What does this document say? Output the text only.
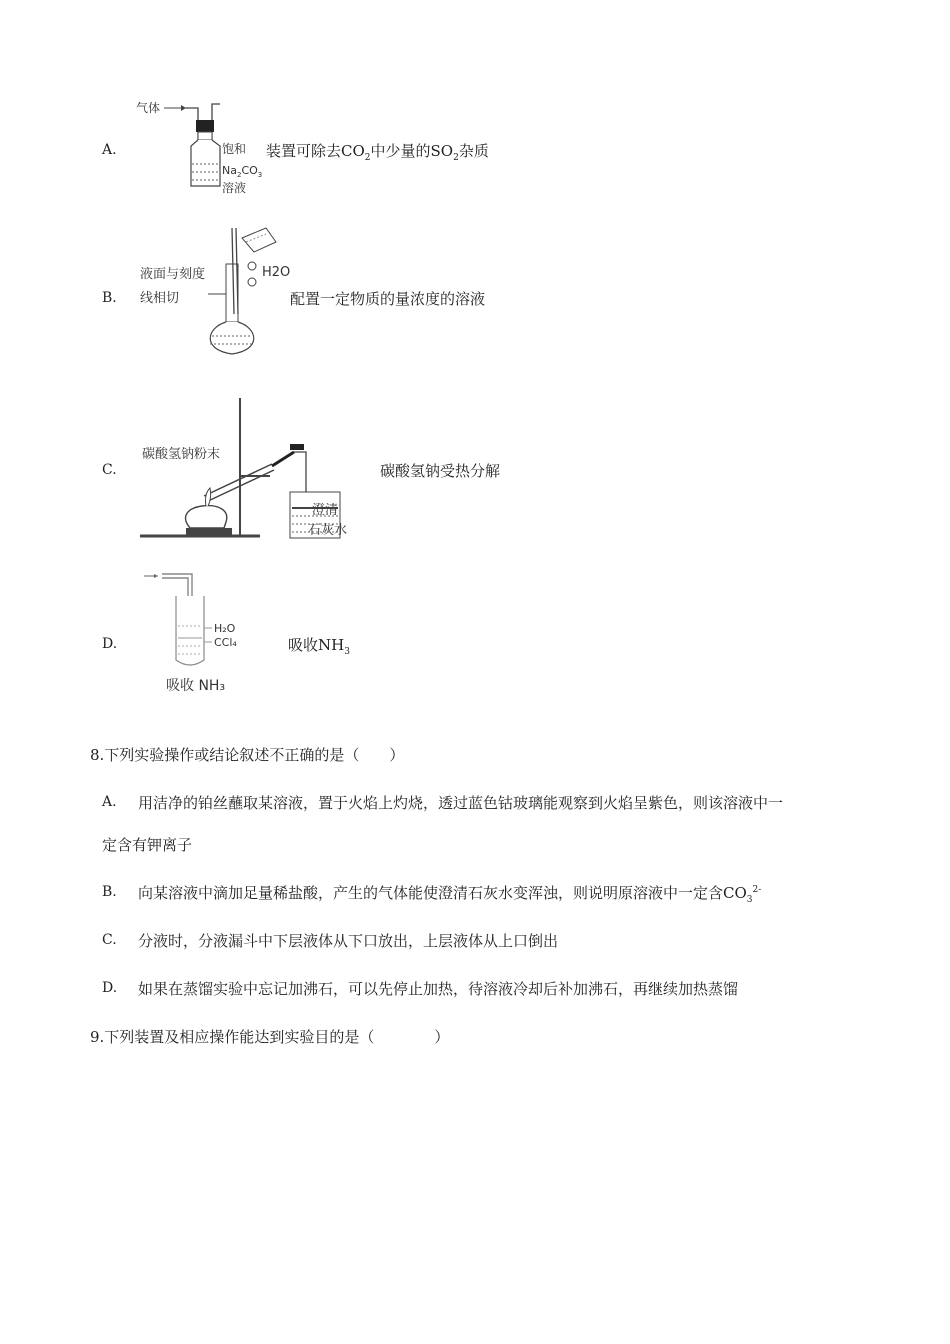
A.
气体
饱和
$Na_2CO_3$
溶液
装置可除去$CO_2$中少量的$SO_2$杂质
B.
液面与刻度
线相切
H2O
配置一定物质的量浓度的溶液
C.
碳酸氢钠粉末
澄清
石灰水
碳酸氢钠受热分解
D.
H₂O
CCl₄
吸收 NH₃
吸收$NH_3$
8.下列实验操作或结论叙述不正确的是（　　）
A. 用洁净的铂丝蘸取某溶液，置于火焰上灼烧，透过蓝色钴玻璃能观察到火焰呈紫色，则该溶液中一
定含有钾离子
B. 向某溶液中滴加足量稀盐酸，产生的气体能使澄清石灰水变浑浊，则说明原溶液中一定含$CO_3^{2-}$
C. 分液时，分液漏斗中下层液体从下口放出，上层液体从上口倒出
D. 如果在蒸馏实验中忘记加沸石，可以先停止加热，待溶液冷却后补加沸石，再继续加热蒸馏
9.下列装置及相应操作能达到实验目的是（　　　　）
